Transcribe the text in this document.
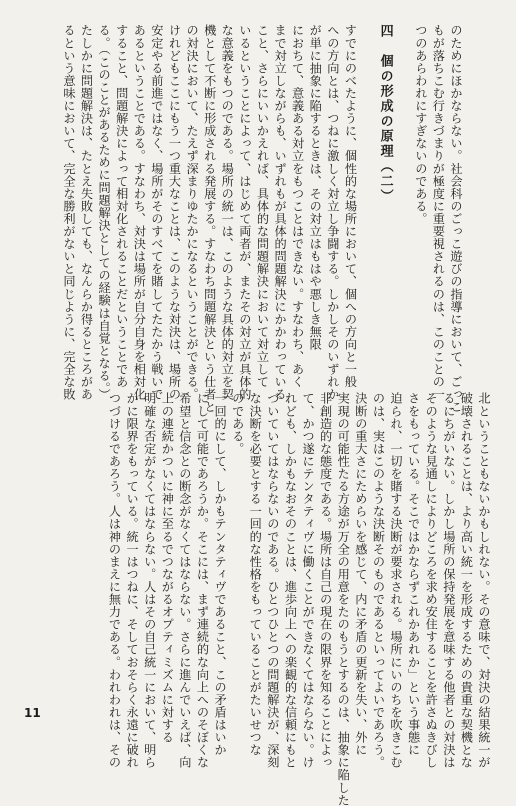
のためにほかならない。社会科のごっこ遊びの指導において、ごっこ

もが落ちこむ行きづまりが極度に重要視されるのは、このことの一

つのあらわれにすぎないのである。

四　個の形成の原理（二）

すでにのべたように、個性的な場所において、個への方向と一般

への方向とは、つねに激しく対立し争闘する。しかしそのいずれか

が単に抽象に陥するときは、その対立はもはや悪しき無限

におちて、意義ある対立をもつことはできない。すなわち、あく

まで対立しながらも、いずれもが具体的問題解決にかかわっている

こと、さらにいいかえれば、具体的な問題解決において対立して

いるということによって、はじめて両者が、またその対立が具体的

な意義をもつのである。場所の統一は、このような具体的対立を契

機として不断に形成される発展する。すなわち問題解決という仕者と

の対決において、たえず深まりゆたかになるということができる。

けれどもここにもう一つ重大なことは、このような対決は、場所の

安定やる前進ではなく、場所がそのすべてを賭してたたかう戦いで

あるということである。すなわち、対決は場所が自分自身を相対化

すること、問題解決によって相対化されることだということであ

る。（このことがあるために問題解決としての経験は自覚となる。）

たしかに問題解決は、たとえ失敗しても、なんらか得るところがあ

るという意味において、完全な勝利がないと同じように、完全な敗

北ということもないかもしれない。その意味で、対決の結果統一が

破壊されることは、より高い統一を形成するための貴重な契機とな

るにちがいない。しかし場所の保持発展を意味する他者との対決は

そのような見通しによりどころを求め安住することを許さぬきびし

さをもっている。そこではかならずこれかあれか」という事態に

迫られ、一切を賭する決断が要求される。場所にいのちを吹きこむ

のは、実はこのような決断そのものであるといってよいであろう。

決断の重大さにためらいを感じて、内に矛盾の更新を失い、外に

実現の可能性たる方途が万全の用意をたのもうとするのは、抽象に陥した

非創造的な態度である。場所は自己の現在の限界を知ることによっ

て、かつ遂にテンタティヴに働くことができなくてはならない。け

れども、しかもなおそのことは、進歩向上への楽観的な信頼にもと

づいていてはならないのである。ひとつひとつの問題解決が、深刻

な決断を必要とする一回的な性格をもっていることがたいせつな

のである。

一回的にして、しかもテンタティヴであること、この矛盾はいか

にして可能であろうか。そこには、まず連続的な向上へのそぼくな

希望と信念との断念がなくてはならない。さらに進んでいえば、向

上の連続かついに神に至るでつながるオプティミズムに対する

明確な否定がなくてはならない。人はその自己統一において、明ら

かに限界をもっている。統一はつねに、そしておそらく永遠に破れ

つづけるであろう。人は神のまえに無力である。われわれは、その

11
